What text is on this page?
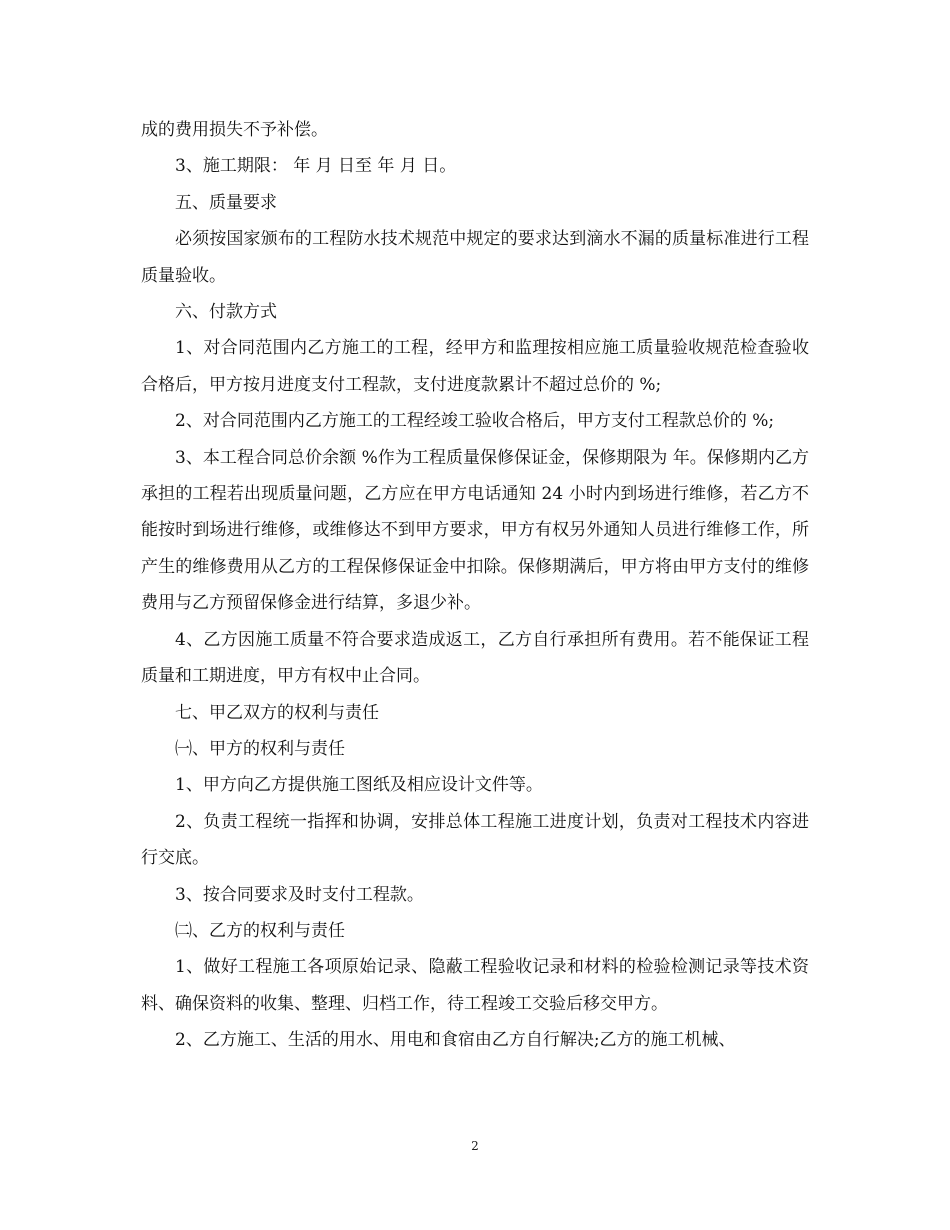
成的费用损失不予补偿。

3、施工期限： 年 月 日至 年 月 日。

五、质量要求

必须按国家颁布的工程防水技术规范中规定的要求达到滴水不漏的质量标准进行工程质量验收。

六、付款方式

1、对合同范围内乙方施工的工程，经甲方和监理按相应施工质量验收规范检查验收合格后，甲方按月进度支付工程款，支付进度款累计不超过总价的 %;

2、对合同范围内乙方施工的工程经竣工验收合格后，甲方支付工程款总价的 %;

3、本工程合同总价余额 %作为工程质量保修保证金，保修期限为 年。保修期内乙方承担的工程若出现质量问题，乙方应在甲方电话通知 24 小时内到场进行维修，若乙方不能按时到场进行维修，或维修达不到甲方要求，甲方有权另外通知人员进行维修工作，所产生的维修费用从乙方的工程保修保证金中扣除。保修期满后，甲方将由甲方支付的维修费用与乙方预留保修金进行结算，多退少补。

4、乙方因施工质量不符合要求造成返工，乙方自行承担所有费用。若不能保证工程质量和工期进度，甲方有权中止合同。

七、甲乙双方的权利与责任

㈠、甲方的权利与责任

1、甲方向乙方提供施工图纸及相应设计文件等。

2、负责工程统一指挥和协调，安排总体工程施工进度计划，负责对工程技术内容进行交底。

3、按合同要求及时支付工程款。

㈡、乙方的权利与责任

1、做好工程施工各项原始记录、隐蔽工程验收记录和材料的检验检测记录等技术资料、确保资料的收集、整理、归档工作，待工程竣工交验后移交甲方。

2、乙方施工、生活的用水、用电和食宿由乙方自行解决;乙方的施工机械、

2
